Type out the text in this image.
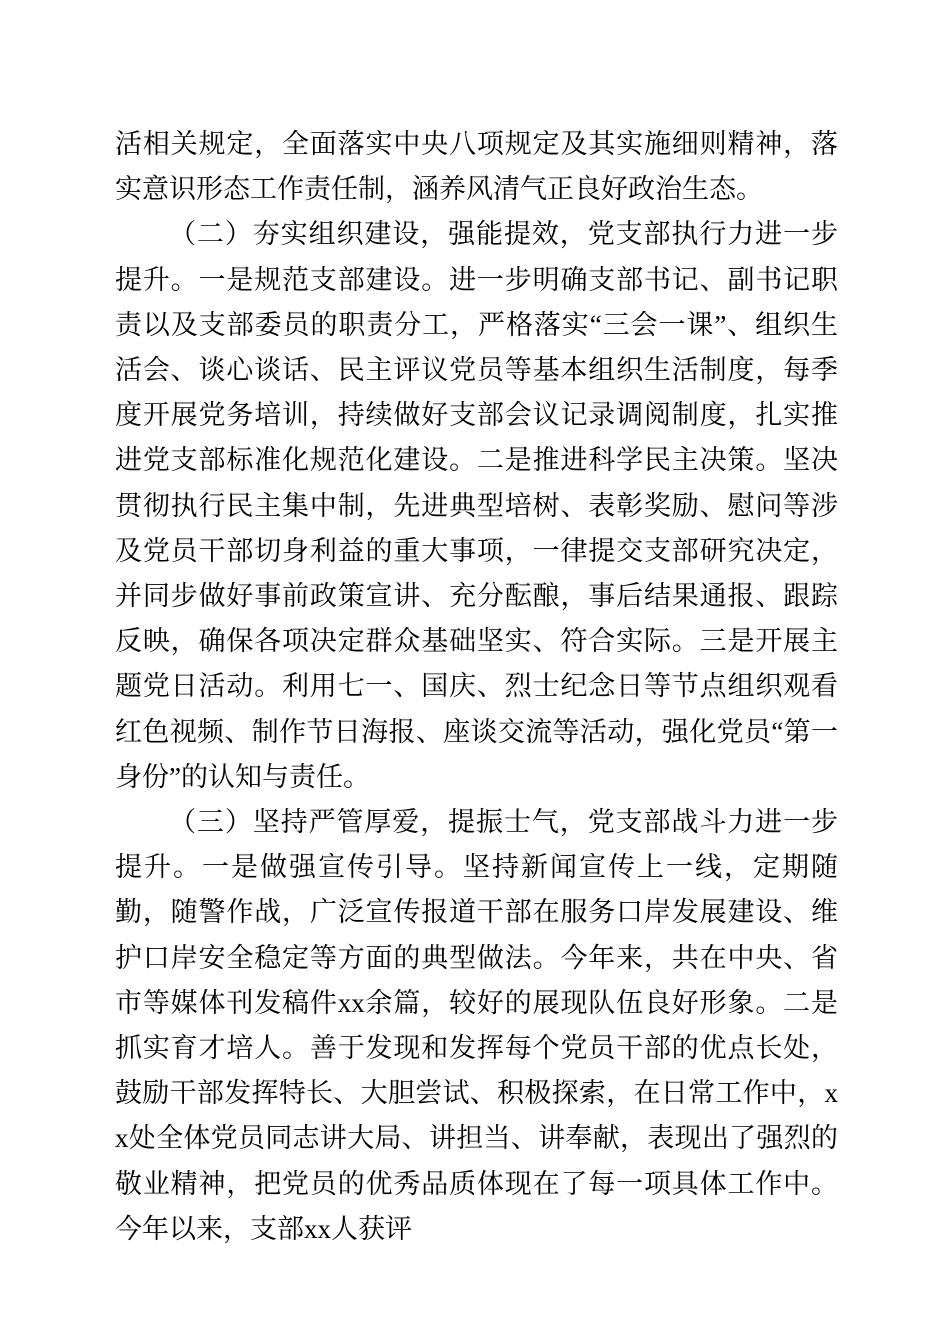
活相关规定，全面落实中央八项规定及其实施细则精神，落实意识形态工作责任制，涵养风清气正良好政治生态。

（二）夯实组织建设，强能提效，党支部执行力进一步提升。一是规范支部建设。进一步明确支部书记、副书记职责以及支部委员的职责分工，严格落实“三会一课”、组织生活会、谈心谈话、民主评议党员等基本组织生活制度，每季度开展党务培训，持续做好支部会议记录调阅制度，扎实推进党支部标准化规范化建设。二是推进科学民主决策。坚决贯彻执行民主集中制，先进典型培树、表彰奖励、慰问等涉及党员干部切身利益的重大事项，一律提交支部研究决定，并同步做好事前政策宣讲、充分酝酿，事后结果通报、跟踪反映，确保各项决定群众基础坚实、符合实际。三是开展主题党日活动。利用七一、国庆、烈士纪念日等节点组织观看红色视频、制作节日海报、座谈交流等活动，强化党员“第一身份”的认知与责任。

（三）坚持严管厚爱，提振士气，党支部战斗力进一步提升。一是做强宣传引导。坚持新闻宣传上一线，定期随勤，随警作战，广泛宣传报道干部在服务口岸发展建设、维护口岸安全稳定等方面的典型做法。今年来，共在中央、省市等媒体刊发稿件xx余篇，较好的展现队伍良好形象。二是抓实育才培人。善于发现和发挥每个党员干部的优点长处，鼓励干部发挥特长、大胆尝试、积极探索，在日常工作中，xx处全体党员同志讲大局、讲担当、讲奉献，表现出了强烈的敬业精神，把党员的优秀品质体现在了每一项具体工作中。今年以来，支部xx人获评
